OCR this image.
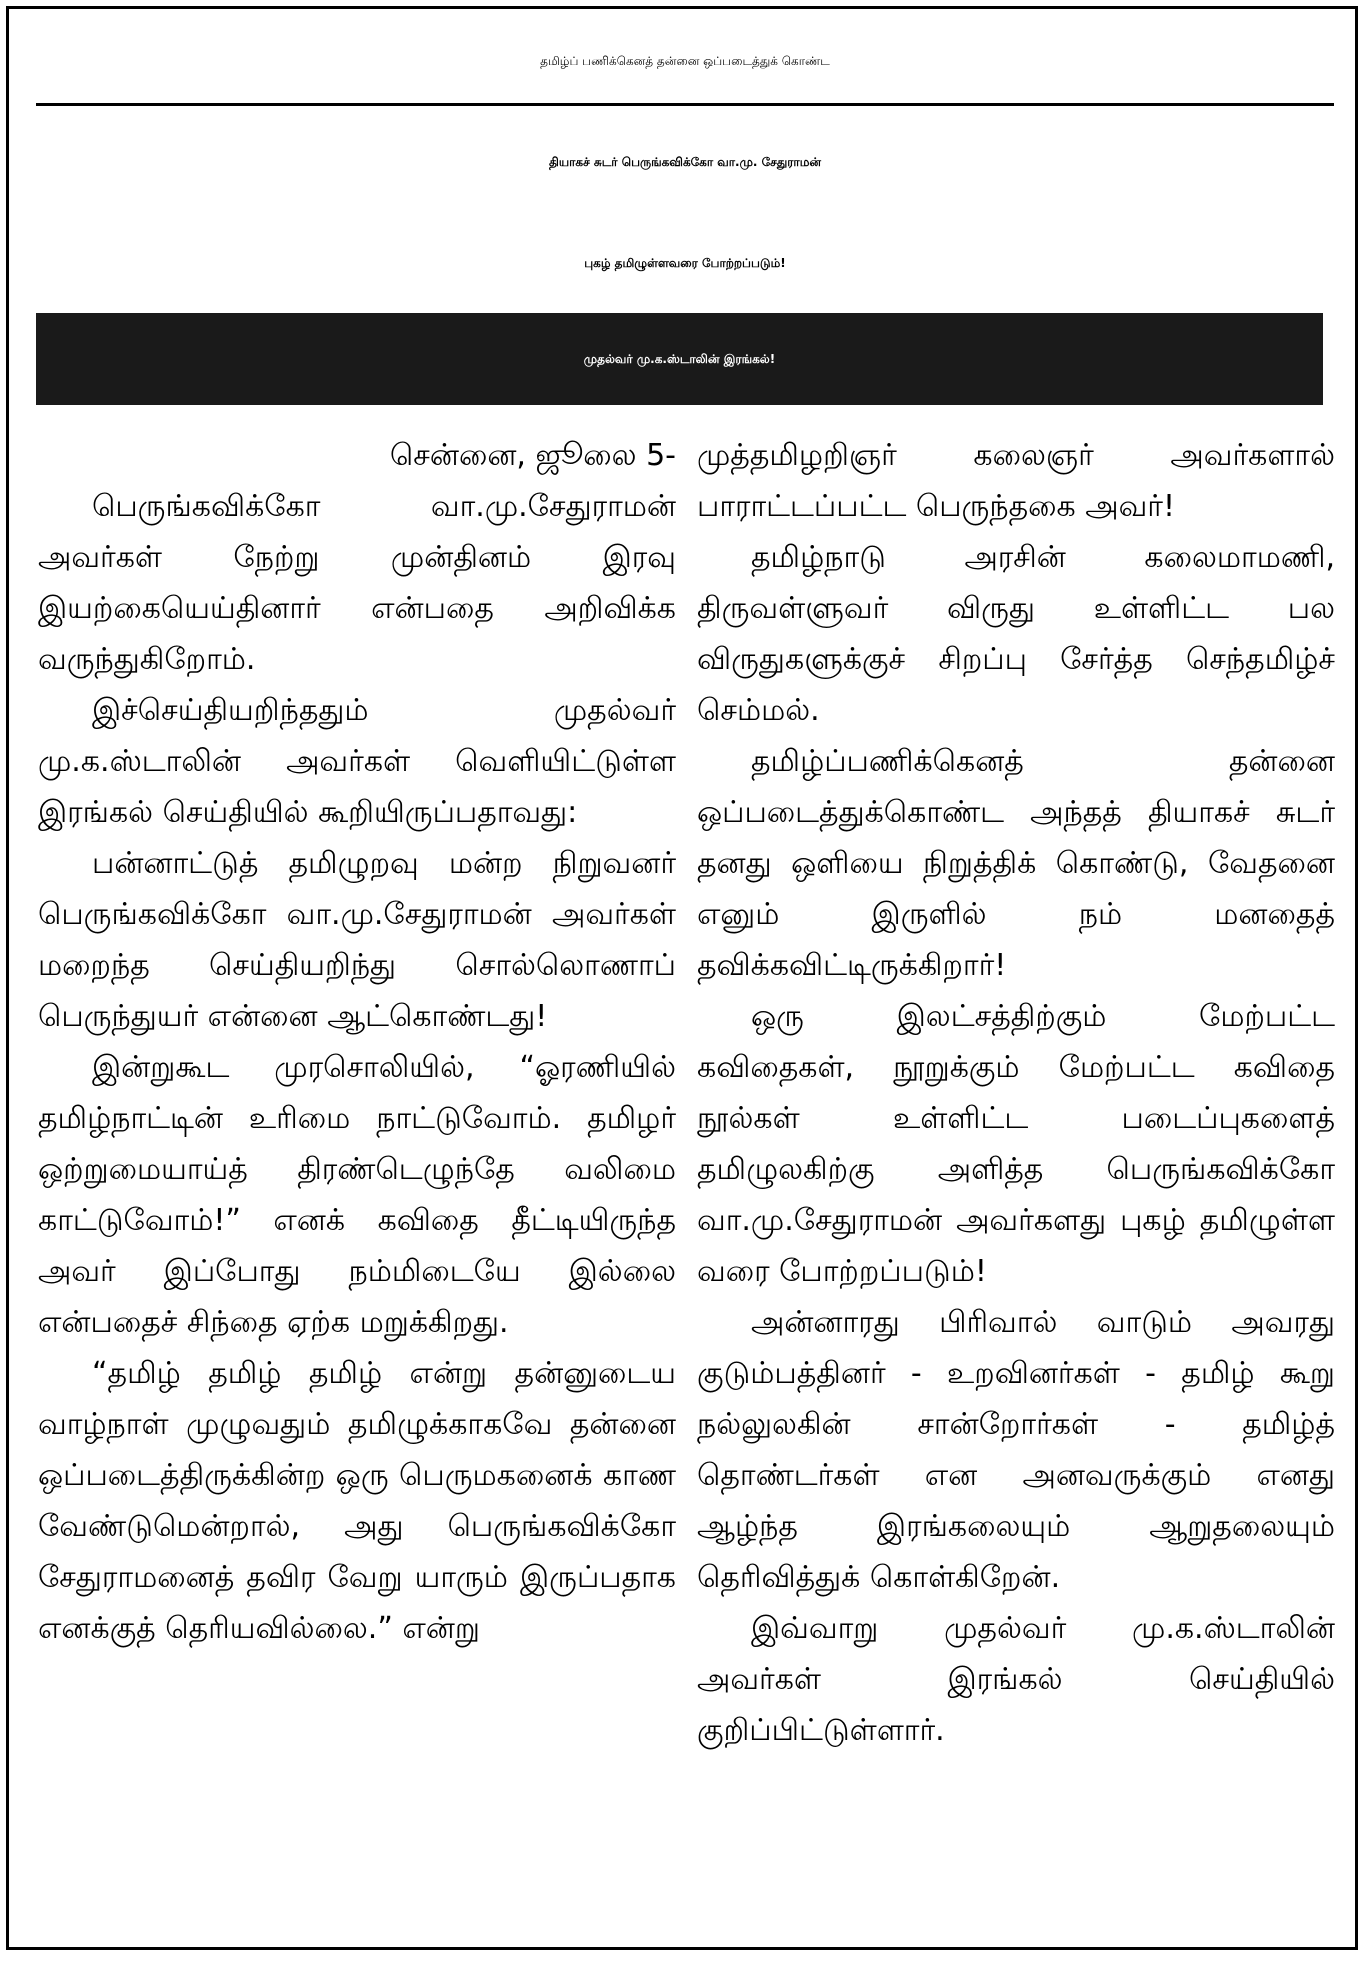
தமிழ்ப் பணிக்கெனத் தன்னை ஒப்படைத்துக் கொண்ட
தியாகச் சுடர் பெருங்கவிக்கோ வா.மு. சேதுராமன்
புகழ் தமிழுள்ளவரை போற்றப்படும்!
முதல்வர் மு.க.ஸ்டாலின் இரங்கல்!
சென்னை, ஜூலை 5-

பெருங்கவிக்கோ வா.மு.சேதுராமன் அவர்கள் நேற்று முன்தினம் இரவு இயற்கையெய்தினார் என்பதை அறிவிக்க வருந்துகிறோம்.

இச்செய்தியறிந்ததும் முதல்வர் மு.க.ஸ்டாலின் அவர்கள் வெளியிட்டுள்ள இரங்கல் செய்தியில் கூறியிருப்பதாவது:

பன்னாட்டுத் தமிழுறவு மன்ற நிறுவனர் பெருங்கவிக்கோ வா.மு.சேதுராமன் அவர்கள் மறைந்த செய்தியறிந்து சொல்லொணாப் பெருந்துயர் என்னை ஆட்கொண்டது!

இன்றுகூட முரசொலியில், “ஓரணியில் தமிழ்நாட்டின் உரிமை நாட்டுவோம். தமிழர் ஒற்றுமையாய்த் திரண்டெழுந்தே வலிமை காட்டுவோம்!” எனக் கவிதை தீட்டியிருந்த அவர் இப்போது நம்மிடையே இல்லை என்பதைச் சிந்தை ஏற்க மறுக்கிறது.

“தமிழ் தமிழ் தமிழ் என்று தன்னுடைய வாழ்நாள் முழுவதும் தமிழுக்காகவே தன்னை ஒப்படைத்திருக்கின்ற ஒரு பெருமகனைக் காண வேண்டுமென்றால், அது பெருங்கவிக்கோ சேதுராமனைத் தவிர வேறு யாரும் இருப்பதாக எனக்குத் தெரியவில்லை.” என்று

முத்தமிழறிஞர் கலைஞர் அவர்களால் பாராட்டப்பட்ட பெருந்தகை அவர்!

தமிழ்நாடு அரசின் கலைமாமணி, திருவள்ளுவர் விருது உள்ளிட்ட பல விருதுகளுக்குச் சிறப்பு சேர்த்த செந்தமிழ்ச் செம்மல்.

தமிழ்ப்பணிக்கெனத் தன்னை ஒப்படைத்துக்கொண்ட அந்தத் தியாகச் சுடர் தனது ஒளியை நிறுத்திக் கொண்டு, வேதனை எனும் இருளில் நம் மனதைத் தவிக்கவிட்டிருக்கிறார்!

ஒரு இலட்சத்திற்கும் மேற்பட்ட கவிதைகள், நூறுக்கும் மேற்பட்ட கவிதை நூல்கள் உள்ளிட்ட படைப்புகளைத் தமிழுலகிற்கு அளித்த பெருங்கவிக்கோ வா.மு.சேதுராமன் அவர்களது புகழ் தமிழுள்ள வரை போற்றப்படும்!

அன்னாரது பிரிவால் வாடும் அவரது குடும்பத்தினர் - உறவினர்கள் - தமிழ் கூறு நல்லுலகின் சான்றோர்கள் - தமிழ்த் தொண்டர்கள் என அனவருக்கும் எனது ஆழ்ந்த இரங்கலையும் ஆறுதலையும் தெரிவித்துக் கொள்கிறேன்.

இவ்வாறு முதல்வர் மு.க.ஸ்டாலின் அவர்கள் இரங்கல் செய்தியில் குறிப்பிட்டுள்ளார்.
